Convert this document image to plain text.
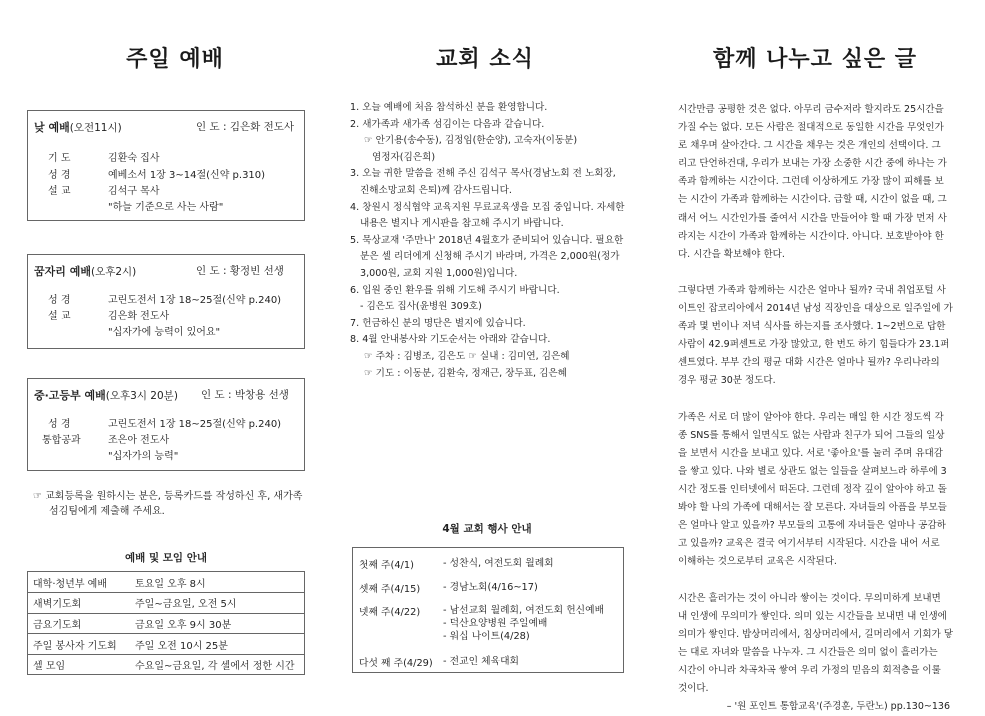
주일 예배	교회 소식	함께 나누고 싶은 글
낮 예배(오전11시)	인 도 : 김은화 전도사
기 도	김환숙 집사
성 경	예베소서 1장 3~14절(신약 p.310)
설 교	김석구 목사
"하늘 기준으로 사는 사람"
꿈자리 예배(오후2시)	인 도 : 황정빈 선생
성 경	고린도전서 1장 18~25절(신약 p.240)
설 교	김은화 전도사
"십자가에 능력이 있어요"
중·고등부 예배(오후3시 20분) 인 도 : 박창용 선생
성 경	고린도전서 1장 18~25절(신약 p.240)
통합공과	조은아 전도사
"십자가의 능력"
☞ 교회등록을 원하시는 분은, 등록카드를 작성하신 후, 새가족
섬김팀에게 제출해 주세요.
예배 및 모임 안내
대학·청년부 예배	토요일 오후 8시
새벽기도회	주일~금요일, 오전 5시
금요기도회	금요일 오후 9시 30분
주일 봉사자 기도회	주일 오전 10시 25분
셀 모임	수요일~금요일, 각 셀에서 정한 시간
1. 오늘 예배에 처음 참석하신 분을 환영합니다.
2. 새가족과 새가족 섬김이는 다음과 같습니다.
☞ 안기용(송수동), 김정임(한순양), 고숙자(이동분)
염정자(김은희)
3. 오늘 귀한 말씀을 전해 주신 김석구 목사(경남노회 전 노회장,
진해소망교회 은퇴)께 감사드립니다.
4. 창원시 정식협약 교육지원 무료교육생을 모집 중입니다. 자세한
내용은 별지나 게시판을 참고해 주시기 바랍니다.
5. 묵상교재 '주만나' 2018년 4월호가 준비되어 있습니다. 필요한
분은 셀 리더에게 신청해 주시기 바라며, 가격은 2,000원(정가
3,000원, 교회 지원 1,000원)입니다.
6. 입원 중인 환우를 위해 기도해 주시기 바랍니다.
- 김은도 집사(윤병원 309호)
7. 헌금하신 분의 명단은 별지에 있습니다.
8. 4월 안내봉사와 기도순서는 아래와 같습니다.
☞ 주차 : 김병조, 김은도 ☞ 실내 : 김미연, 김은혜
☞ 기도 : 이동분, 김환숙, 정재근, 장두표, 김은혜
4월 교회 행사 안내
첫째 주(4/1)	- 성찬식, 여전도회 월례회
셋째 주(4/15) - 경남노회(4/16~17)
넷째 주(4/22) - 남선교회 월례회, 여전도회 헌신예배
- 덕산요양병원 주일예배
- 워십 나이트(4/28)
다섯 째 주(4/29) - 전교인 체육대회
시간만큼 공평한 것은 없다. 아무리 금수저라 할지라도 25시간을
가질 수는 없다. 모든 사람은 절대적으로 동일한 시간을 무엇인가
로 채우며 살아간다. 그 시간을 채우는 것은 개인의 선택이다. 그
리고 단언하건대, 우리가 보내는 가장 소중한 시간 중에 하나는 가
족과 함께하는 시간이다. 그런데 이상하게도 가장 많이 피해를 보
는 시간이 가족과 함께하는 시간이다. 급할 때, 시간이 없을 때, 그
래서 어느 시간인가를 줄여서 시간을 만들어야 할 때 가장 먼저 사
라지는 시간이 가족과 함께하는 시간이다. 아니다. 보호받아야 한
다. 시간을 확보해야 한다.
그렇다면 가족과 함께하는 시간은 얼마나 될까? 국내 취업포털 사
이트인 잡코리아에서 2014년 남성 직장인을 대상으로 일주일에 가
족과 몇 번이나 저녁 식사를 하는지를 조사했다. 1~2번으로 답한
사람이 42.9퍼센트로 가장 많았고, 한 번도 하기 힘들다가 23.1퍼
센트였다. 부부 간의 평균 대화 시간은 얼마나 될까? 우리나라의
경우 평균 30분 정도다.
가족은 서로 더 많이 알아야 한다. 우리는 매일 한 시간 정도씩 각
종 SNS를 통해서 일면식도 없는 사람과 친구가 되어 그들의 일상
을 보면서 시간을 보내고 있다. 서로 '좋아요'를 눌러 주며 유대감
을 쌓고 있다. 나와 별로 상관도 없는 일들을 살펴보느라 하루에 3
시간 정도를 인터넷에서 떠돈다. 그런데 정작 깊이 알아야 하고 돌
봐야 할 나의 가족에 대해서는 잘 모른다. 자녀들의 아픔을 부모들
은 얼마나 알고 있을까? 부모들의 고통에 자녀들은 얼마나 공감하
고 있을까? 교육은 결국 여기서부터 시작된다. 시간을 내어 서로
이해하는 것으로부터 교육은 시작된다.
시간은 흘러가는 것이 아니라 쌓이는 것이다. 무의미하게 보내면
내 인생에 무의미가 쌓인다. 의미 있는 시간들을 보내면 내 인생에
의미가 쌓인다. 밥상머리에서, 침상머리에서, 길머리에서 기회가 닿
는 대로 자녀와 말씀을 나누자. 그 시간들은 의미 없이 흘러가는
시간이 아니라 차곡차곡 쌓여 우리 가정의 믿음의 회적층을 이룰
것이다.
– '원 포인트 통합교육'(주경훈, 두란노) pp.130~136
